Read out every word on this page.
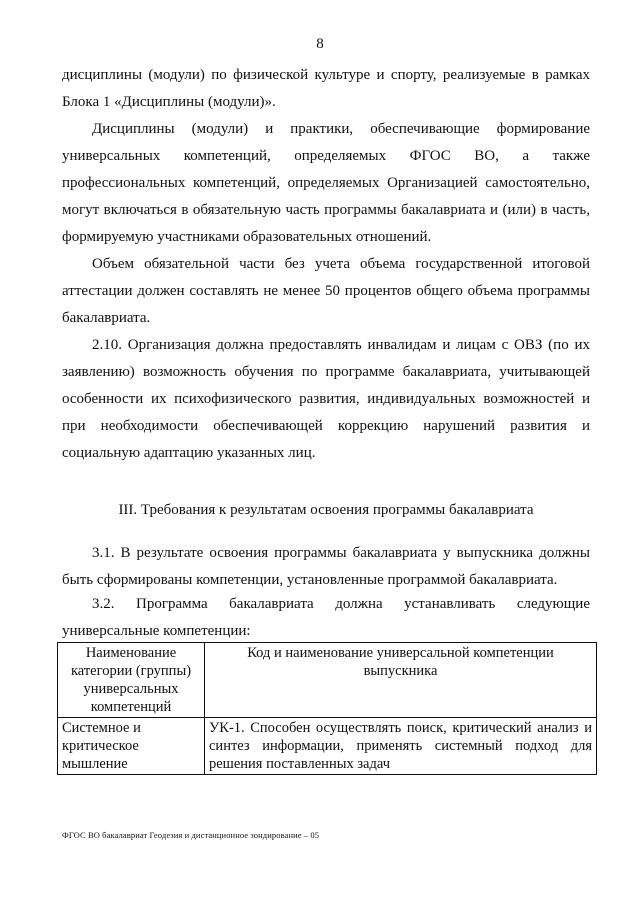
8
дисциплины (модули) по физической культуре и спорту, реализуемые в рамках Блока 1 «Дисциплины (модули)».
Дисциплины (модули) и практики, обеспечивающие формирование универсальных компетенций, определяемых ФГОС ВО, а также профессиональных компетенций, определяемых Организацией самостоятельно, могут включаться в обязательную часть программы бакалавриата и (или) в часть, формируемую участниками образовательных отношений.
Объем обязательной части без учета объема государственной итоговой аттестации должен составлять не менее 50 процентов общего объема программы бакалавриата.
2.10. Организация должна предоставлять инвалидам и лицам с ОВЗ (по их заявлению) возможность обучения по программе бакалавриата, учитывающей особенности их психофизического развития, индивидуальных возможностей и при необходимости обеспечивающей коррекцию нарушений развития и социальную адаптацию указанных лиц.
III. Требования к результатам освоения программы бакалавриата
3.1. В результате освоения программы бакалавриата у выпускника должны быть сформированы компетенции, установленные программой бакалавриата.
3.2. Программа бакалавриата должна устанавливать следующие универсальные компетенции:
Наименование категории (группы) универсальных компетенций	Код и наименование универсальной компетенции выпускника
Системное и критическое мышление	УК-1. Способен осуществлять поиск, критический анализ и синтез информации, применять системный подход для решения поставленных задач
ФГОС ВО бакалавриат Геодезия и дистанционное зондирование – 05
